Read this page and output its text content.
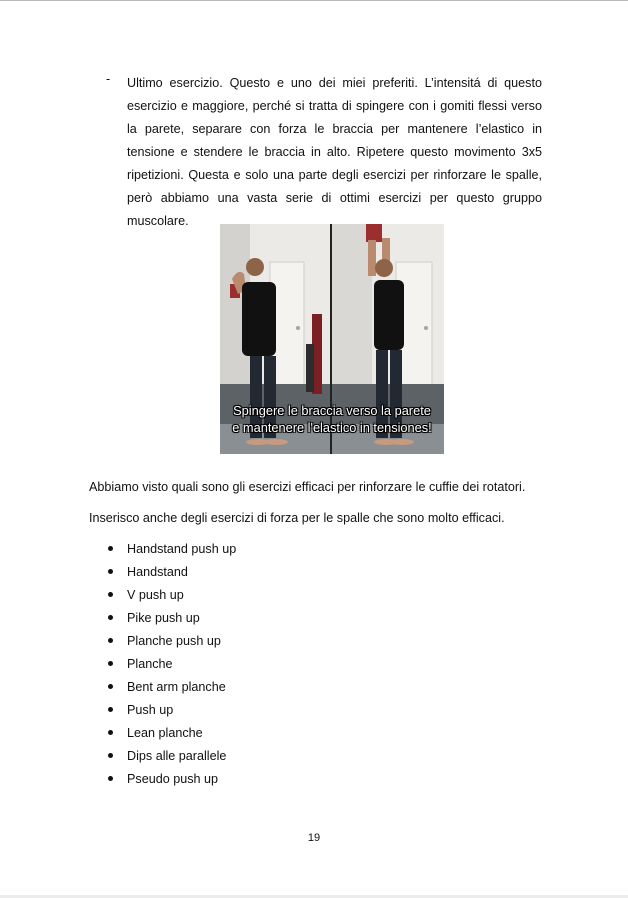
- Ultimo esercizio. Questo e uno dei miei preferiti. L’intensitá di questo esercizio e maggiore, perché si tratta di spingere con i gomiti flessi verso la parete, separare con forza le braccia per mantenere l’elastico in tensione e stendere le braccia in alto. Ripetere questo movimento 3x5 ripetizioni. Questa e solo una parte degli esercizi per rinforzare le spalle, però abbiamo una vasta serie di ottimi esercizi per questo gruppo muscolare.

Spingere le braccia verso la parete
e mantenere l'elastico in tensiones!

Abbiamo visto quali sono gli esercizi efficaci per rinforzare le cuffie dei rotatori.

Inserisco anche degli esercizi di forza per le spalle che sono molto efficaci.

Handstand push up
Handstand
V push up
Pike push up
Planche push up
Planche
Bent arm planche
Push up
Lean planche
Dips alle parallele
Pseudo push up
19
